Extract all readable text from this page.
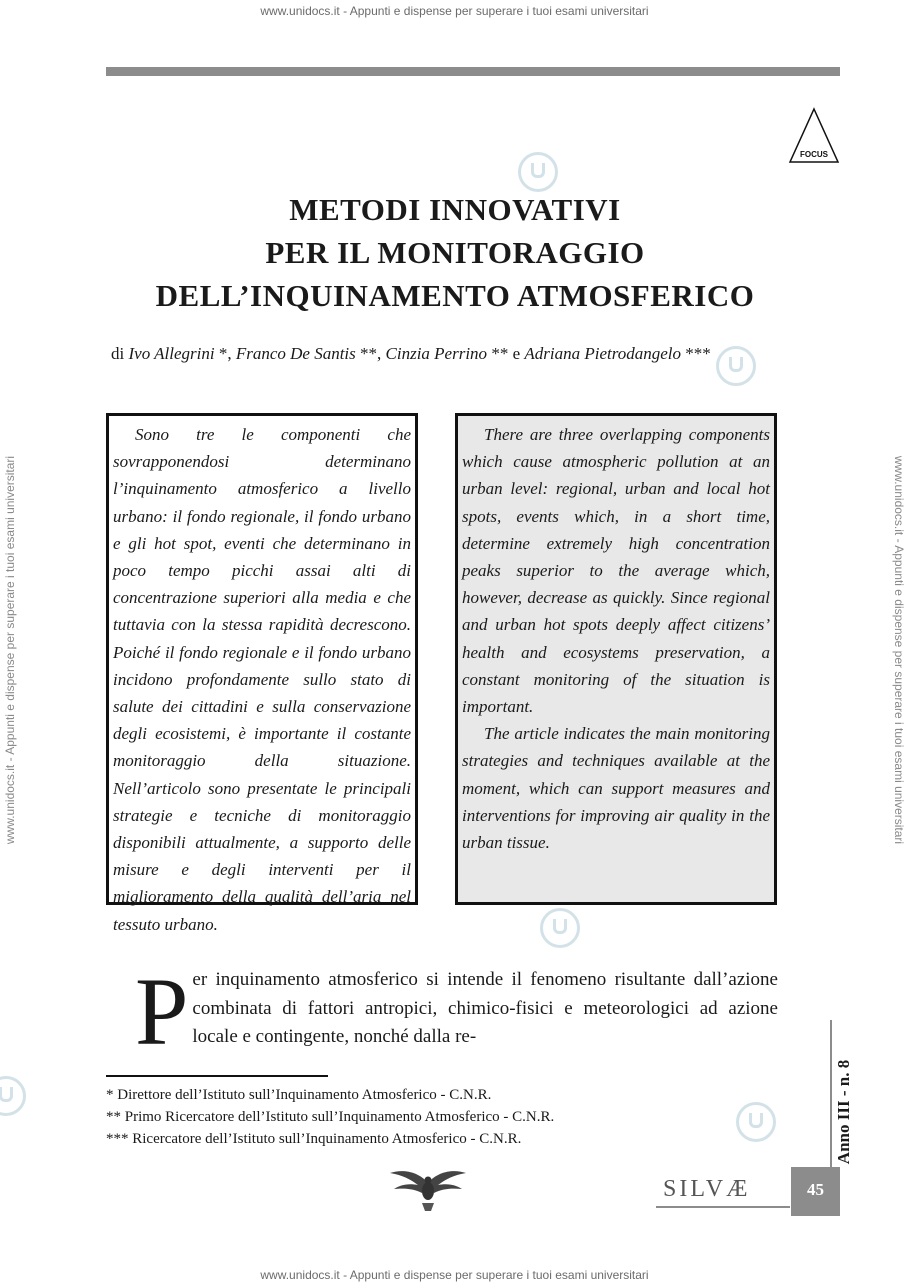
www.unidocs.it - Appunti e dispense per superare i tuoi esami universitari
www.unidocs.it - Appunti e dispense per superare i tuoi esami universitari
www.unidocs.it - Appunti e dispense per superare i tuoi esami universitari	www.unidocs.it - Appunti e dispense per superare i tuoi esami universitari
FOCUS
METODI INNOVATIVI
PER IL MONITORAGGIO
DELL’INQUINAMENTO ATMOSFERICO
di Ivo Allegrini *, Franco De Santis **, Cinzia Perrino ** e Adriana Pietrodangelo ***

Sono tre le componenti che sovrapponendosi determinano l’inquinamento atmosferico a livello urbano: il fondo regionale, il fondo urbano e gli hot spot, eventi che determinano in poco tempo picchi assai alti di concentrazione superiori alla media e che tuttavia con la stessa rapidità decrescono. Poiché il fondo regionale e il fondo urbano incidono profondamente sullo stato di salute dei cittadini e sulla conservazione degli ecosistemi, è importante il costante monitoraggio della situazione. Nell’articolo sono presentate le principali strategie e tecniche di monitoraggio disponibili attualmente, a supporto delle misure e degli interventi per il miglioramento della qualità dell’aria nel tessuto urbano.

There are three overlapping components which cause atmospheric pollution at an urban level: regional, urban and local hot spots, events which, in a short time, determine extremely high concentration peaks superior to the average which, however, decrease as quickly. Since regional and urban hot spots deeply affect citizens’ health and ecosystems preservation, a constant monitoring of the situation is important.

The article indicates the main monitoring strategies and techniques available at the moment, which can support measures and interventions for improving air quality in the urban tissue.

P er inquinamento atmosferico si intende il fenomeno risultante dall’azione combinata di fattori antropici, chimico-fisici e meteorologici ad azione locale e contingente, nonché dalla re-

* Direttore dell’Istituto sull’Inquinamento Atmosferico - C.N.R.
** Primo Ricercatore dell’Istituto sull’Inquinamento Atmosferico - C.N.R.
*** Ricercatore dell’Istituto sull’Inquinamento Atmosferico - C.N.R.	Anno III - n. 8
SILVÆ	45
